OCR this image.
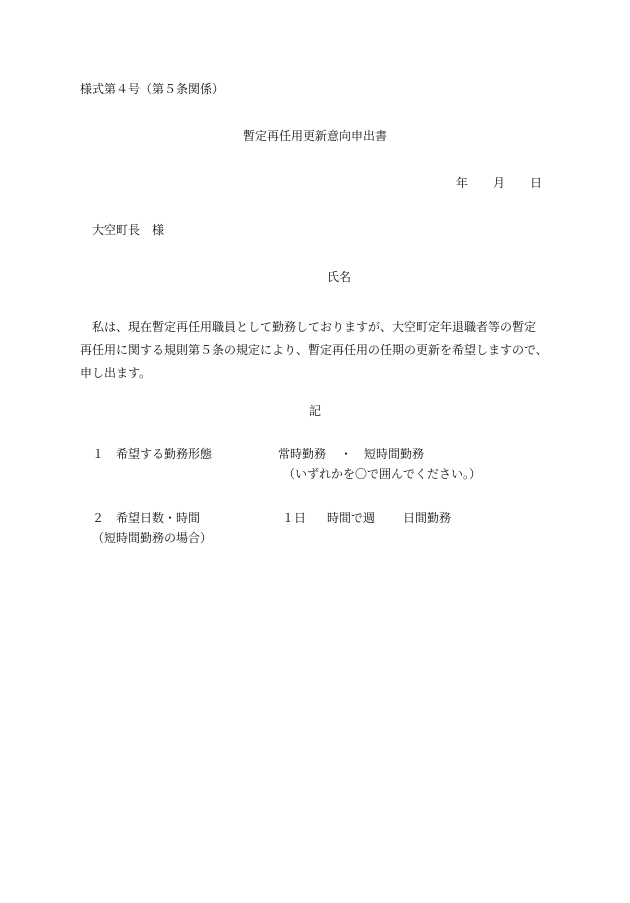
様式第４号（第５条関係）
暫定再任用更新意向申出書
年 月 日
大空町長　様
氏名
私は、現在暫定再任用職員として勤務しておりますが、大空町定年退職者等の暫定
再任用に関する規則第５条の規定により、暫定再任用の任期の更新を希望しますので、
申し出ます。
記
１ 希望する勤務形態	常時勤務 ・ 短時間勤務
（いずれかを〇で囲んでください。）
２ 希望日数・時間	１日 時間で週 日間勤務
（短時間勤務の場合）
